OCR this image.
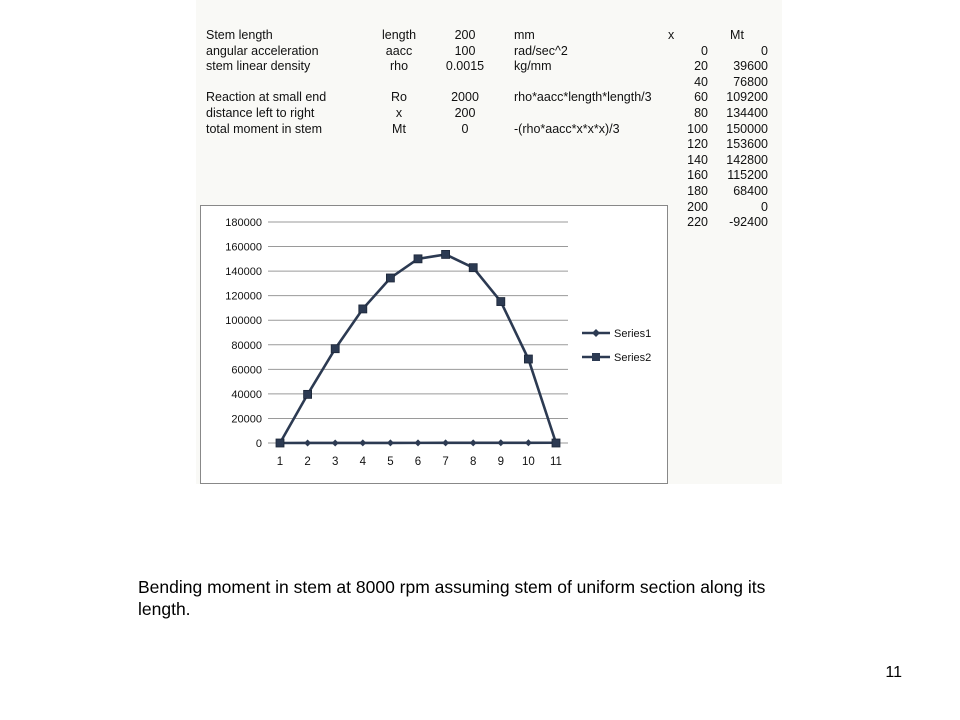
Stem length	length	200	mm
angular acceleration	aacc	100	rad/sec^2
stem linear density	rho	0.0015	kg/mm
Reaction at small end	Ro	2000	rho*aacc*length*length/3
distance left to right	x	200
total moment in stem	Mt	0	-(rho*aacc*x*x*x)/3
x	Mt
0	0
20	39600
40	76800
60	109200
80	134400
100	150000
120	153600
140	142800
160	115200
180	68400
200	0
220	-92400
0
20000
40000
60000
80000
100000
120000
140000
160000
180000
1 2 3 4 5 6 7 8 9 10 11
Series1
Series2
Bending moment in stem at 8000 rpm assuming stem of uniform section along its length.
11
